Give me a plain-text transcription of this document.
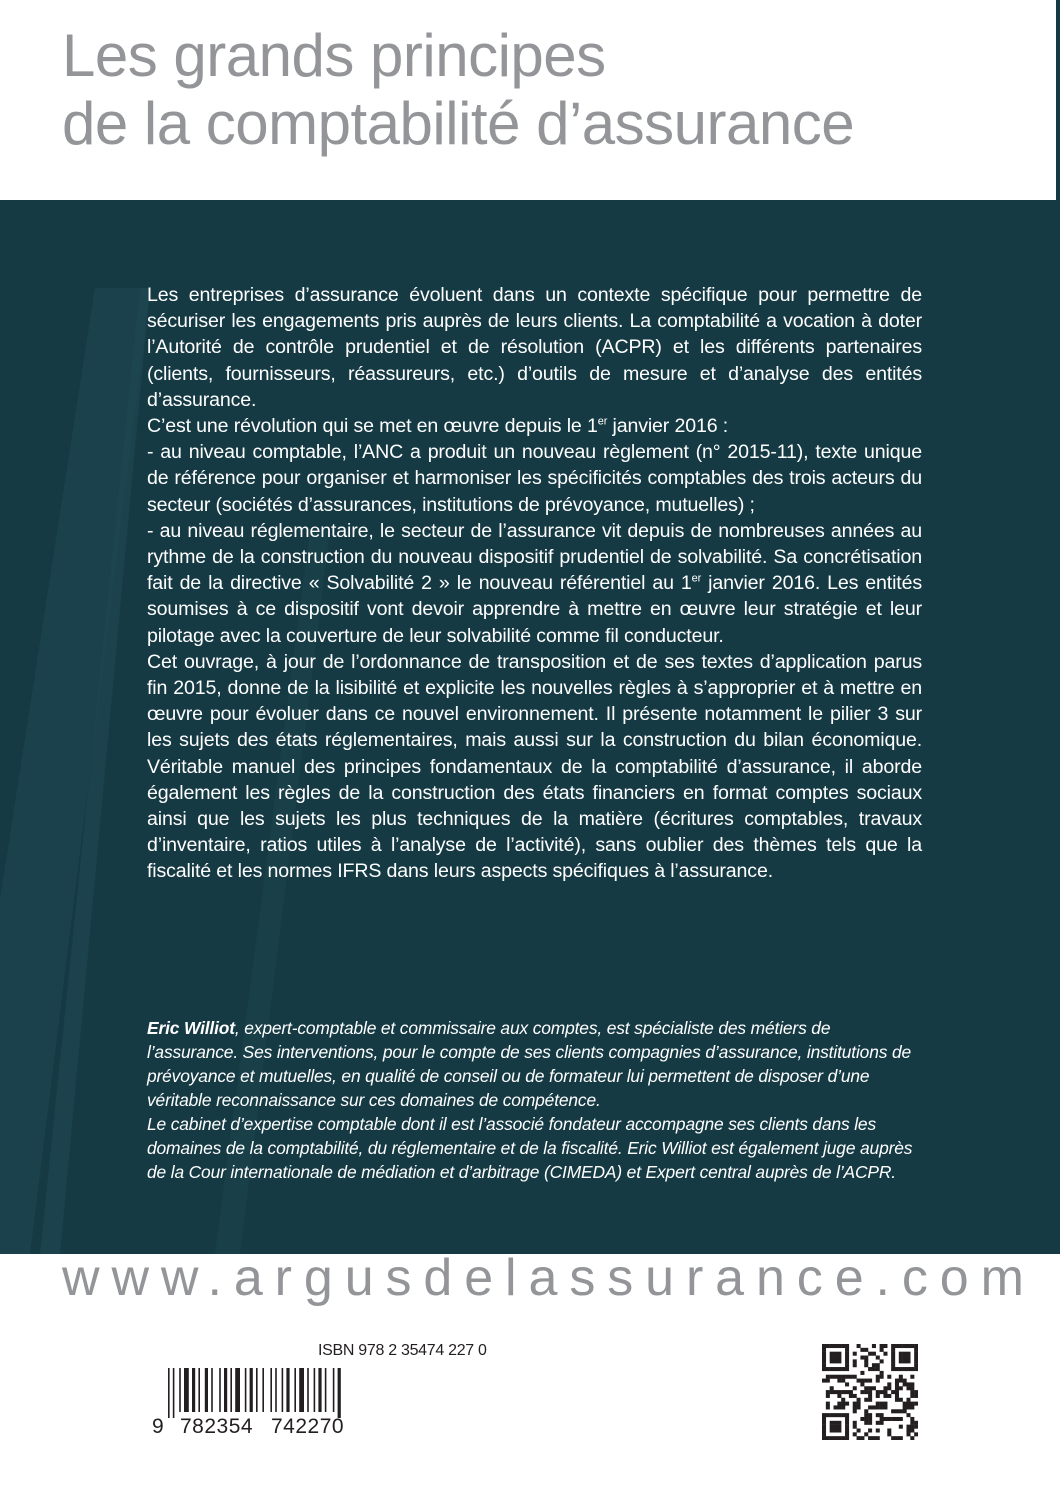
Les grands principes
de la comptabilité d’assurance

Les entreprises d’assurance évoluent dans un contexte spécifique pour permettre de sécuriser les engagements pris auprès de leurs clients. La comptabilité a vocation à doter l’Autorité de contrôle prudentiel et de résolution (ACPR) et les différents partenaires (clients, fournisseurs, réassureurs, etc.) d’outils de mesure et d’analyse des entités d’assurance.

C’est une révolution qui se met en œuvre depuis le 1er janvier 2016 :

- au niveau comptable, l’ANC a produit un nouveau règlement (n° 2015-11), texte unique de référence pour organiser et harmoniser les spécificités comptables des trois acteurs du secteur (sociétés d’assurances, institutions de prévoyance, mutuelles) ;

- au niveau réglementaire, le secteur de l’assurance vit depuis de nombreuses années au rythme de la construction du nouveau dispositif prudentiel de solvabilité. Sa concrétisation fait de la directive « Solvabilité 2 » le nouveau référentiel au 1er janvier 2016. Les entités soumises à ce dispositif vont devoir apprendre à mettre en œuvre leur stratégie et leur pilotage avec la couverture de leur solvabilité comme fil conducteur.

Cet ouvrage, à jour de l’ordonnance de transposition et de ses textes d’application parus fin 2015, donne de la lisibilité et explicite les nouvelles règles à s’approprier et à mettre en œuvre pour évoluer dans ce nouvel environnement. Il présente notamment le pilier 3 sur les sujets des états réglementaires, mais aussi sur la construction du bilan économique. Véritable manuel des principes fondamentaux de la comptabilité d’assurance, il aborde également les règles de la construction des états financiers en format comptes sociaux ainsi que les sujets les plus techniques de la matière (écritures comptables, travaux d’inventaire, ratios utiles à l’analyse de l’activité), sans oublier des thèmes tels que la fiscalité et les normes IFRS dans leurs aspects spécifiques à l’assurance.

Eric Williot, expert-comptable et commissaire aux comptes, est spécialiste des métiers de l’assurance. Ses interventions, pour le compte de ses clients compagnies d’assurance, institutions de prévoyance et mutuelles, en qualité de conseil ou de formateur lui permettent de disposer d’une véritable reconnaissance sur ces domaines de compétence.

Le cabinet d’expertise comptable dont il est l’associé fondateur accompagne ses clients dans les domaines de la comptabilité, du réglementaire et de la fiscalité. Eric Williot est également juge auprès de la Cour internationale de médiation et d’arbitrage (CIMEDA) et Expert central auprès de l’ACPR.

www.argusdelassurance.com
ISBN 978 2 35474 227 0
9 782354 742270
